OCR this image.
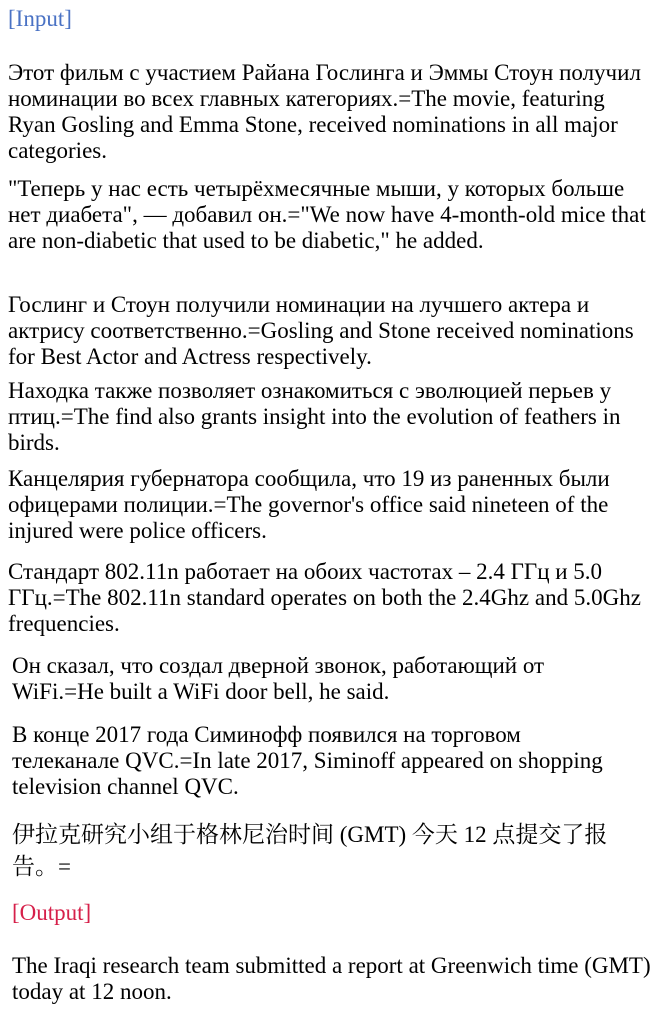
[Input]

Этот фильм с участием Райана Гослинга и Эммы Стоун получил номинации во всех главных категориях.=The movie, featuring Ryan Gosling and Emma Stone, received nominations in all major categories.

"Теперь у нас есть четырёхмесячные мыши, у которых больше нет диабета", — добавил он.="We now have 4-month-old mice that are non-diabetic that used to be diabetic," he added.

Гослинг и Стоун получили номинации на лучшего актера и актрису соответственно.=Gosling and Stone received nominations for Best Actor and Actress respectively.

Находка также позволяет ознакомиться с эволюцией перьев у птиц.=The find also grants insight into the evolution of feathers in birds.

Канцелярия губернатора сообщила, что 19 из раненных были офицерами полиции.=The governor's office said nineteen of the injured were police officers.

Стандарт 802.11n работает на обоих частотах – 2.4 ГГц и 5.0 ГГц.=The 802.11n standard operates on both the 2.4Ghz and 5.0Ghz frequencies.

Он сказал, что создал дверной звонок, работающий от WiFi.=He built a WiFi door bell, he said.

В конце 2017 года Симинофф появился на торговом телеканале QVC.=In late 2017, Siminoff appeared on shopping television channel QVC.

伊拉克研究小组于格林尼治时间 (GMT) 今天 12 点提交了报告。=

[Output]

The Iraqi research team submitted a report at Greenwich time (GMT) today at 12 noon.
